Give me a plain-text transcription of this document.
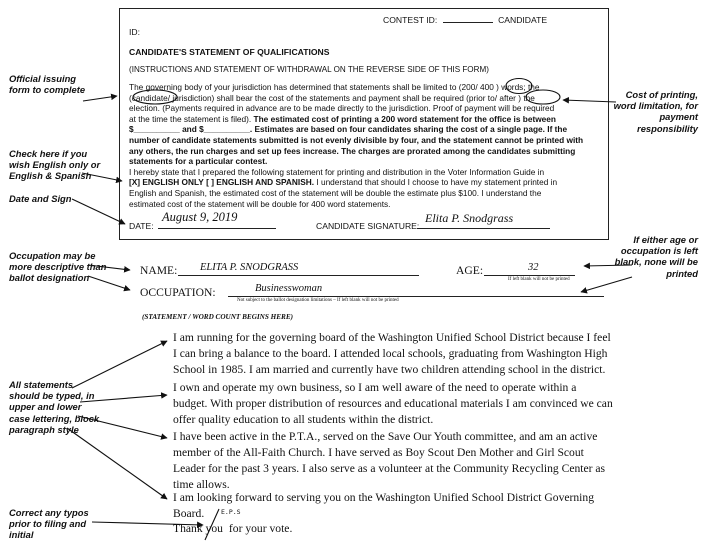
CONTEST ID:	CANDIDATE
ID:
CANDIDATE'S STATEMENT OF QUALIFICATIONS
(INSTRUCTIONS AND STATEMENT OF WITHDRAWAL ON THE REVERSE SIDE OF THIS FORM)
The governing body of your jurisdiction has determined that statements shall be limited to (200/ 400 ) words; the
(candidate/ jurisdiction) shall bear the cost of the statements and payment shall be required (prior to/ after ) the
election. (Payments required in advance are to be made directly to the jurisdiction. Proof of payment will be required
at the time the statement is filed). The estimated cost of printing a 200 word statement for the office is between
$__________ and $__________. Estimates are based on four candidates sharing the cost of a single page. If the
number of candidate statements submitted is not evenly divisible by four, and the statement cannot be printed with
any others, the run charges and set up fees increase. The charges are prorated among the candidates submitting
statements for a particular contest.
I hereby state that I prepared the following statement for printing and distribution in the Voter Information Guide in
[X] ENGLISH ONLY [ ] ENGLISH AND SPANISH. I understand that should I choose to have my statement printed in
English and Spanish, the estimated cost of the statement will be double the estimate plus $100. I understand the
estimated cost of the statement will be double for 400 word statements.
DATE:
August 9, 2019
CANDIDATE SIGNATURE:
Elita P. Snodgrass
NAME:	ELITA P. SNODGRASS	AGE:	32
If left blank will not be printed
OCCUPATION:	Businesswoman
Not subject to the ballot designation limitations – If left blank will not be printed
(STATEMENT / WORD COUNT BEGINS HERE)
I am running for the governing board of the Washington Unified School District because I feel I can bring a balance to the board. I attended local schools, graduating from Washington High School in 1985. I am married and currently have two children attending school in the district.
I own and operate my own business, so I am well aware of the need to operate within a budget. With proper distribution of resources and educational materials I am convinced we can offer quality education to all students within the district.
I have been active in the P.T.A., served on the Save Our Youth committee, and am an active member of the All-Faith Church. I have served as Boy Scout Den Mother and Girl Scout Leader for the past 3 years. I also serve as a volunteer at the Community Recycling Center as time allows.
I am looking forward to serving you on the Washington Unified School District Governing Board.
Thank you for your vote.
E.P.S
Official issuing form to complete	Cost of printing, word limitation, for payment responsibility
Check here if you wish English only or English & Spanish
Date and Sign
Occupation may be more descriptive than ballot designation
If either age or occupation is left blank, none will be printed
All statements should be typed, in upper and lower case lettering, block paragraph style
Correct any typos prior to filing and initial
